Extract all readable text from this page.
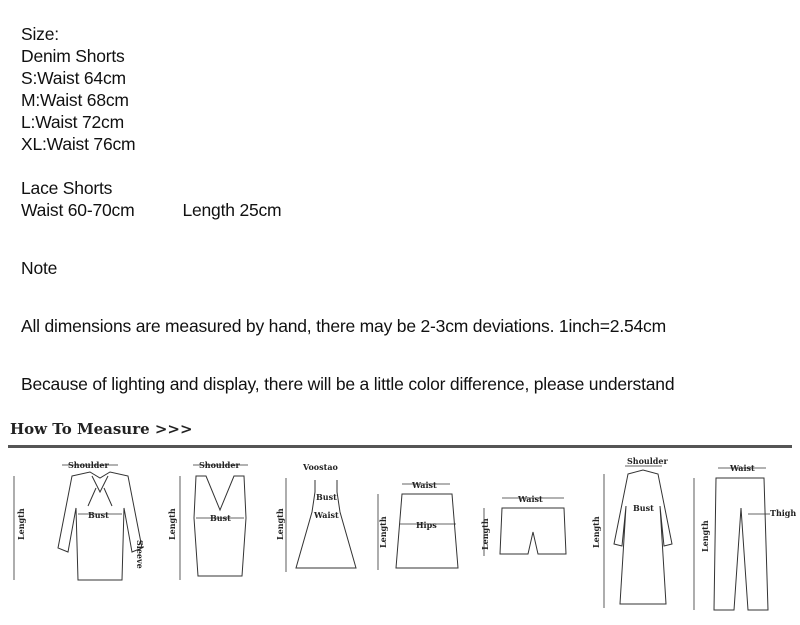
Size:
Denim Shorts
S:Waist 64cm
M:Waist 68cm
L:Waist 72cm
XL:Waist 76cm
Lace Shorts
Waist 60-70cm	Length 25cm
Note
All dimensions are measured by hand, there may be 2-3cm deviations. 1inch=2.54cm
Because of lighting and display, there will be a little color difference, please understand
How To Measure >>>
Shoulder
Bust
Length
Sleeve
Shoulder
Bust
Length
Voostao
Bust
Waist
Length
Waist
Hips
Length
Waist
Length
Shoulder
Bust
Length
Waist
Thigh
Length
